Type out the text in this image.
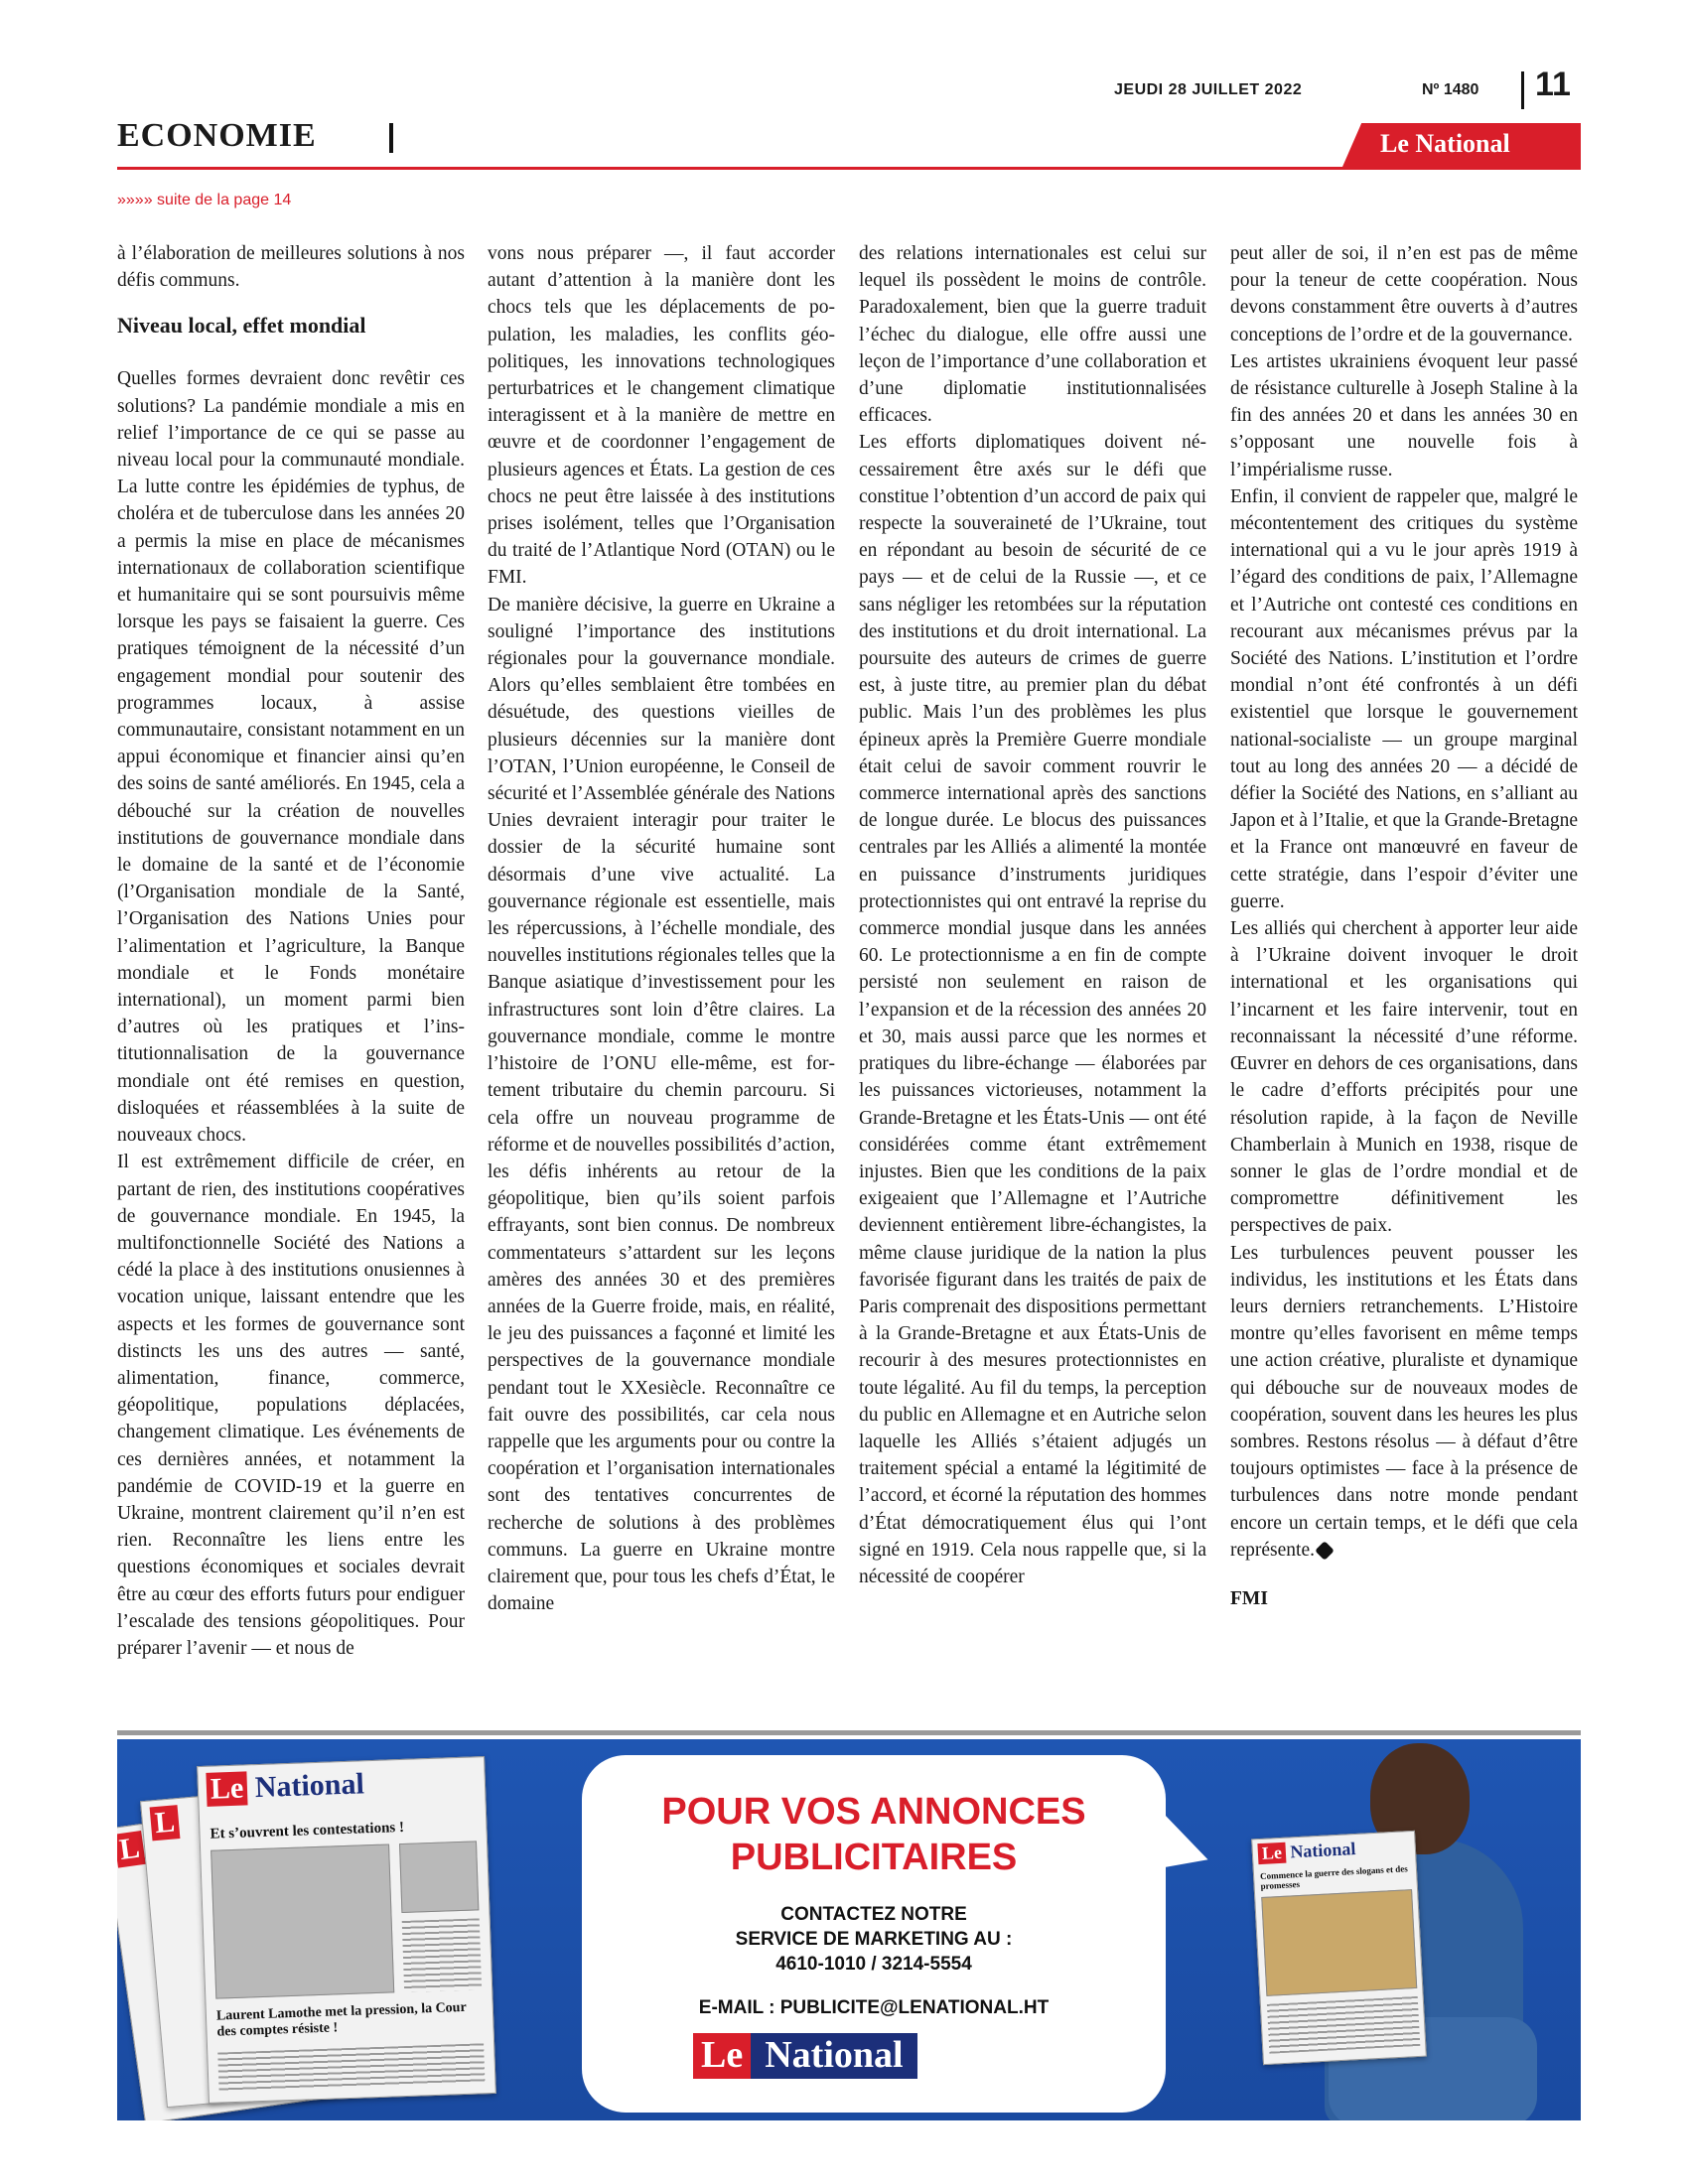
JEUDI 28 JUILLET 2022	Nº 1480 11
ECONOMIE	Le National
»»»» suite de la page 14

à l’élaboration de meilleures solutions à nos défis communs.

Niveau local, effet mondial

Quelles formes devraient donc revêtir ces solutions? La pandémie mondiale a mis en relief l’importance de ce qui se passe au niveau local pour la communauté mondiale. La lutte contre les épidémies de typhus, de choléra et de tuberculose dans les années 20 a permis la mise en place de mécanismes internationaux de collaboration scientifique et humanitaire qui se sont poursuivis même lorsque les pays se faisaient la guerre. Ces pratiques témoignent de la nécessité d’un engagement mondial pour soutenir des programmes locaux, à assise communautaire, consistant notamment en un appui économique et financier ainsi qu’en des soins de santé améliorés. En 1945, cela a débouché sur la création de nouvelles institutions de gouvernance mondiale dans le domaine de la santé et de l’économie (l’Organisation mondiale de la Santé, l’Organisation des Nations Unies pour l’alimentation et l’agriculture, la Banque mondiale et le Fonds monétaire international), un moment parmi bien d’autres où les pratiques et l’institutionnalisation de la gouvernance mondiale ont été remises en question, disloquées et réassemblées à la suite de nouveaux chocs.

Il est extrêmement difficile de créer, en partant de rien, des institutions coopératives de gouvernance mondiale. En 1945, la multifonctionnelle Société des Nations a cédé la place à des institutions onusiennes à vocation unique, laissant entendre que les aspects et les formes de gouvernance sont distincts les uns des autres — santé, alimentation, finance, commerce, géopolitique, populations déplacées, changement climatique. Les événements de ces dernières années, et notamment la pandémie de COVID-19 et la guerre en Ukraine, montrent clairement qu’il n’en est rien. Reconnaître les liens entre les questions économiques et sociales devrait être au cœur des efforts futurs pour endiguer l’escalade des tensions géopolitiques. Pour préparer l’avenir — et nous de

vons nous préparer —, il faut accorder autant d’attention à la manière dont les chocs tels que les déplacements de population, les maladies, les conflits géopolitiques, les innovations technologiques perturbatrices et le changement climatique interagissent et à la manière de mettre en œuvre et de coordonner l’engagement de plusieurs agences et États. La gestion de ces chocs ne peut être laissée à des institutions prises isolément, telles que l’Organisation du traité de l’Atlantique Nord (OTAN) ou le FMI.

De manière décisive, la guerre en Ukraine a souligné l’importance des institutions régionales pour la gouvernance mondiale. Alors qu’elles semblaient être tombées en désuétude, des questions vieilles de plusieurs décennies sur la manière dont l’OTAN, l’Union européenne, le Conseil de sécurité et l’Assemblée générale des Nations Unies devraient interagir pour traiter le dossier de la sécurité humaine sont désormais d’une vive actualité. La gouvernance régionale est essentielle, mais les répercussions, à l’échelle mondiale, des nouvelles institutions régionales telles que la Banque asiatique d’investissement pour les infrastructures sont loin d’être claires. La gouvernance mondiale, comme le montre l’histoire de l’ONU elle-même, est fortement tributaire du chemin parcouru. Si cela offre un nouveau programme de réforme et de nouvelles possibilités d’action, les défis inhérents au retour de la géopolitique, bien qu’ils soient parfois effrayants, sont bien connus. De nombreux commentateurs s’attardent sur les leçons amères des années 30 et des premières années de la Guerre froide, mais, en réalité, le jeu des puissances a façonné et limité les perspectives de la gouvernance mondiale pendant tout le XXesiècle. Reconnaître ce fait ouvre des possibilités, car cela nous rappelle que les arguments pour ou contre la coopération et l’organisation internationales sont des tentatives concurrentes de recherche de solutions à des problèmes communs. La guerre en Ukraine montre clairement que, pour tous les chefs d’État, le domaine

des relations internationales est celui sur lequel ils possèdent le moins de contrôle. Paradoxalement, bien que la guerre traduit l’échec du dialogue, elle offre aussi une leçon de l’importance d’une collaboration et d’une diplomatie institutionnalisées efficaces.

Les efforts diplomatiques doivent nécessairement être axés sur le défi que constitue l’obtention d’un accord de paix qui respecte la souveraineté de l’Ukraine, tout en répondant au besoin de sécurité de ce pays — et de celui de la Russie —, et ce sans négliger les retombées sur la réputation des institutions et du droit international. La poursuite des auteurs de crimes de guerre est, à juste titre, au premier plan du débat public. Mais l’un des problèmes les plus épineux après la Première Guerre mondiale était celui de savoir comment rouvrir le commerce international après des sanctions de longue durée. Le blocus des puissances centrales par les Alliés a alimenté la montée en puissance d’instruments juridiques protectionnistes qui ont entravé la reprise du commerce mondial jusque dans les années 60. Le protectionnisme a en fin de compte persisté non seulement en raison de l’expansion et de la récession des années 20 et 30, mais aussi parce que les normes et pratiques du libre-échange — élaborées par les puissances victorieuses, notamment la Grande-Bretagne et les États-Unis — ont été considérées comme étant extrêmement injustes. Bien que les conditions de la paix exigeaient que l’Allemagne et l’Autriche deviennent entièrement libre-échangistes, la même clause juridique de la nation la plus favorisée figurant dans les traités de paix de Paris comprenait des dispositions permettant à la Grande-Bretagne et aux États-Unis de recourir à des mesures protectionnistes en toute légalité. Au fil du temps, la perception du public en Allemagne et en Autriche selon laquelle les Alliés s’étaient adjugés un traitement spécial a entamé la légitimité de l’accord, et écorné la réputation des hommes d’État démocratiquement élus qui l’ont signé en 1919. Cela nous rappelle que, si la nécessité de coopérer

peut aller de soi, il n’en est pas de même pour la teneur de cette coopération. Nous devons constamment être ouverts à d’autres conceptions de l’ordre et de la gouvernance.

Les artistes ukrainiens évoquent leur passé de résistance culturelle à Joseph Staline à la fin des années 20 et dans les années 30 en s’opposant une nouvelle fois à l’impérialisme russe.

Enfin, il convient de rappeler que, malgré le mécontentement des critiques du système international qui a vu le jour après 1919 à l’égard des conditions de paix, l’Allemagne et l’Autriche ont contesté ces conditions en recourant aux mécanismes prévus par la Société des Nations. L’institution et l’ordre mondial n’ont été confrontés à un défi existentiel que lorsque le gouvernement national-socialiste — un groupe marginal tout au long des années 20 — a décidé de défier la Société des Nations, en s’alliant au Japon et à l’Italie, et que la Grande-Bretagne et la France ont manœuvré en faveur de cette stratégie, dans l’espoir d’éviter une guerre.

Les alliés qui cherchent à apporter leur aide à l’Ukraine doivent invoquer le droit international et les organisations qui l’incarnent et les faire intervenir, tout en reconnaissant la nécessité d’une réforme. Œuvrer en dehors de ces organisations, dans le cadre d’efforts précipités pour une résolution rapide, à la façon de Neville Chamberlain à Munich en 1938, risque de sonner le glas de l’ordre mondial et de compromettre définitivement les perspectives de paix.

Les turbulences peuvent pousser les individus, les institutions et les États dans leurs derniers retranchements. L’Histoire montre qu’elles favorisent en même temps une action créative, pluraliste et dynamique qui débouche sur de nouveaux modes de coopération, souvent dans les heures les plus sombres. Restons résolus — à défaut d’être toujours optimistes — face à la présence de turbulences dans notre monde pendant encore un certain temps, et le défi que cela représente.

FMI
L
L
Le National
Et s’ouvrent les contestations !
Laurent Lamothe met la pression, la Cour des comptes résiste !
POUR VOS ANNONCES
PUBLICITAIRES
CONTACTEZ NOTRE
SERVICE DE MARKETING AU :
4610-1010 / 3214-5554
E-MAIL : PUBLICITE@LENATIONAL.HT
Le National
Le National
Commence la guerre des slogans et des promesses
